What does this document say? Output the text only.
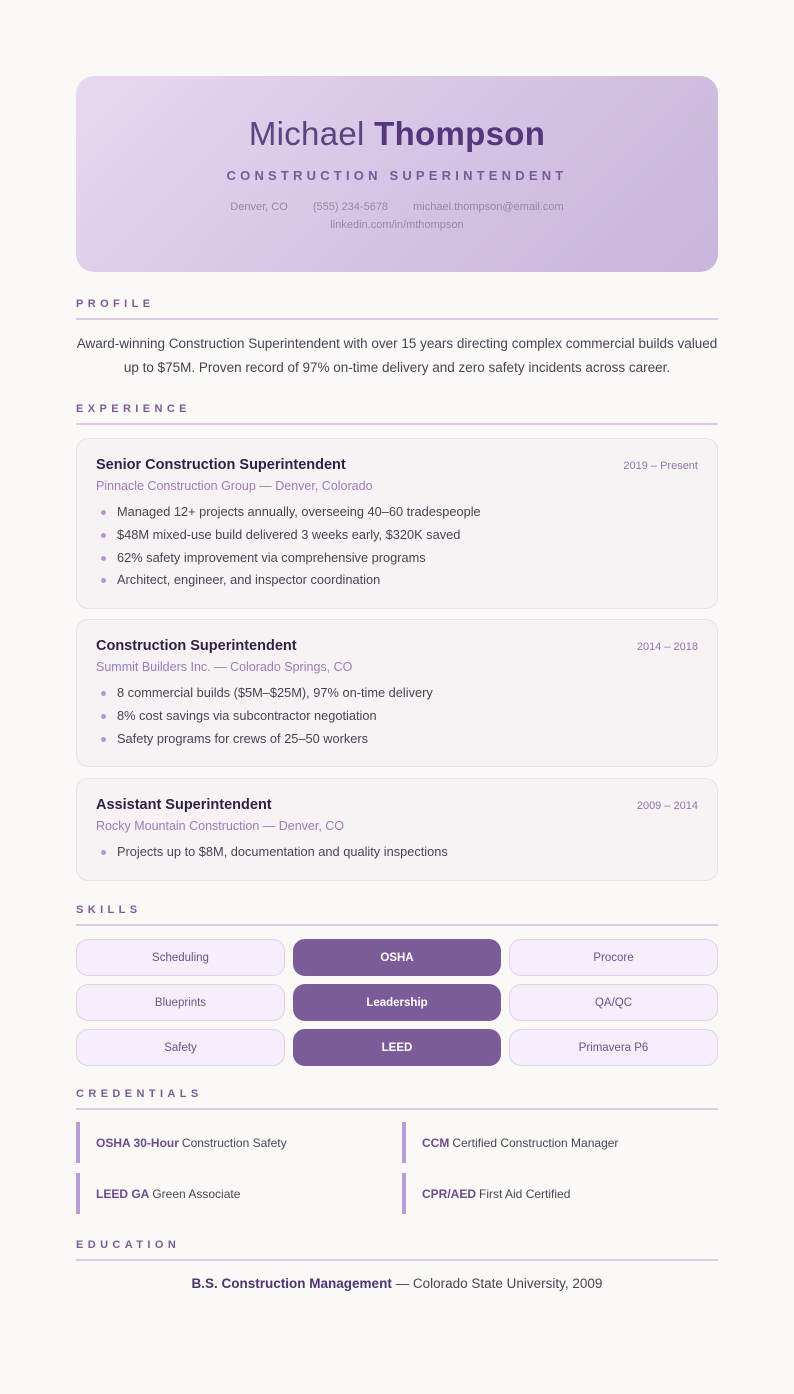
Michael Thompson
CONSTRUCTION SUPERINTENDENT
Denver, CO (555) 234-5678 michael.thompson@email.com
linkedin.com/in/mthompson
PROFILE
Award-winning Construction Superintendent with over 15 years directing complex commercial builds valued up to $75M. Proven record of 97% on-time delivery and zero safety incidents across career.
EXPERIENCE
Senior Construction Superintendent	2019 – Present
Pinnacle Construction Group — Denver, Colorado
Managed 12+ projects annually, overseeing 40–60 tradespeople
$48M mixed-use build delivered 3 weeks early, $320K saved
62% safety improvement via comprehensive programs
Architect, engineer, and inspector coordination
Construction Superintendent	2014 – 2018
Summit Builders Inc. — Colorado Springs, CO
8 commercial builds ($5M–$25M), 97% on-time delivery
8% cost savings via subcontractor negotiation
Safety programs for crews of 25–50 workers
Assistant Superintendent	2009 – 2014
Rocky Mountain Construction — Denver, CO
Projects up to $8M, documentation and quality inspections
SKILLS
Scheduling	OSHA	Procore
Blueprints	Leadership	QA/QC
Safety	LEED	Primavera P6
CREDENTIALS
OSHA 30-Hour Construction Safety	CCM Certified Construction Manager
LEED GA Green Associate	CPR/AED First Aid Certified
EDUCATION
B.S. Construction Management — Colorado State University, 2009
